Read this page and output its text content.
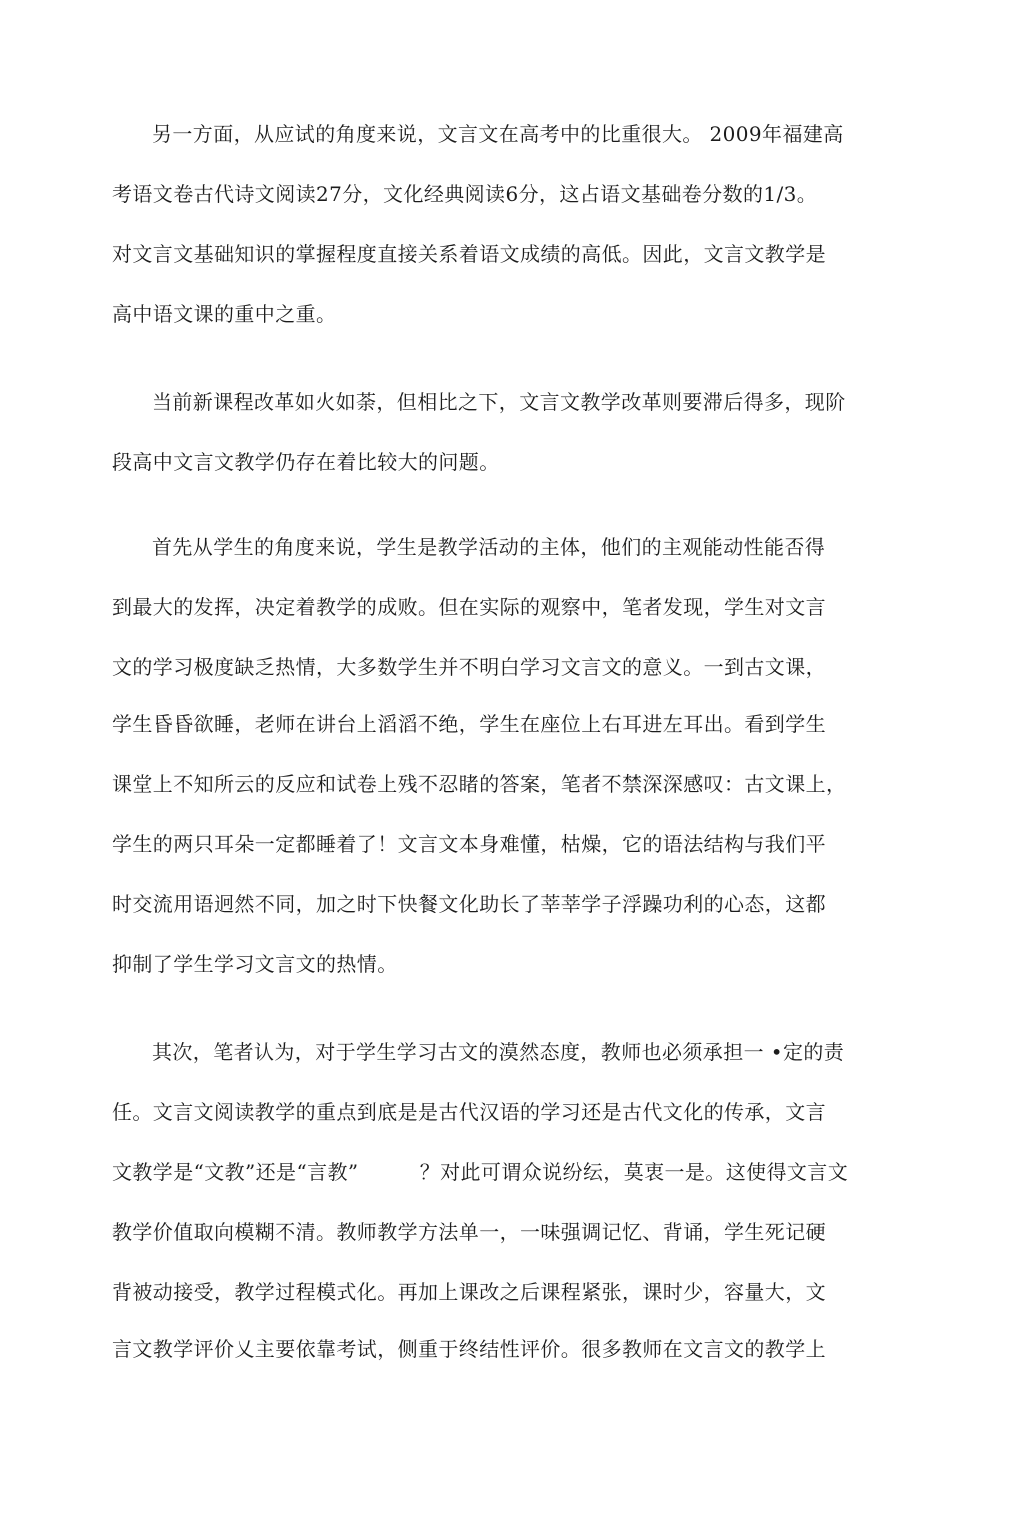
另一方面，从应试的角度来说，文言文在高考中的比重很大。 2009年福建高
考语文卷古代诗文阅读27分，文化经典阅读6分，这占语文基础卷分数的1/3。
对文言文基础知识的掌握程度直接关系着语文成绩的高低。因此，文言文教学是
高中语文课的重中之重。
当前新课程改革如火如荼，但相比之下，文言文教学改革则要滞后得多，现阶
段高中文言文教学仍存在着比较大的问题。
首先从学生的角度来说，学生是教学活动的主体，他们的主观能动性能否得
到最大的发挥，决定着教学的成败。但在实际的观察中，笔者发现，学生对文言
文的学习极度缺乏热情，大多数学生并不明白学习文言文的意义。一到古文课，
学生昏昏欲睡，老师在讲台上滔滔不绝，学生在座位上右耳进左耳出。看到学生
课堂上不知所云的反应和试卷上残不忍睹的答案，笔者不禁深深感叹：古文课上，
学生的两只耳朵一定都睡着了！文言文本身难懂，枯燥，它的语法结构与我们平
时交流用语迥然不同，加之时下快餐文化助长了莘莘学子浮躁功利的心态，这都
抑制了学生学习文言文的热情。
其次，笔者认为，对于学生学习古文的漠然态度，教师也必须承担一 •定的责
任。文言文阅读教学的重点到底是是古代汉语的学习还是古代文化的传承，文言
文教学是“文教”还是“言教”　　　？对此可谓众说纷纭，莫衷一是。这使得文言文
教学价值取向模糊不清。教师教学方法单一，一味强调记忆、背诵，学生死记硬
背被动接受，教学过程模式化。再加上课改之后课程紧张，课时少，容量大，文
言文教学评价乂主要依靠考试，侧重于终结性评价。很多教师在文言文的教学上
